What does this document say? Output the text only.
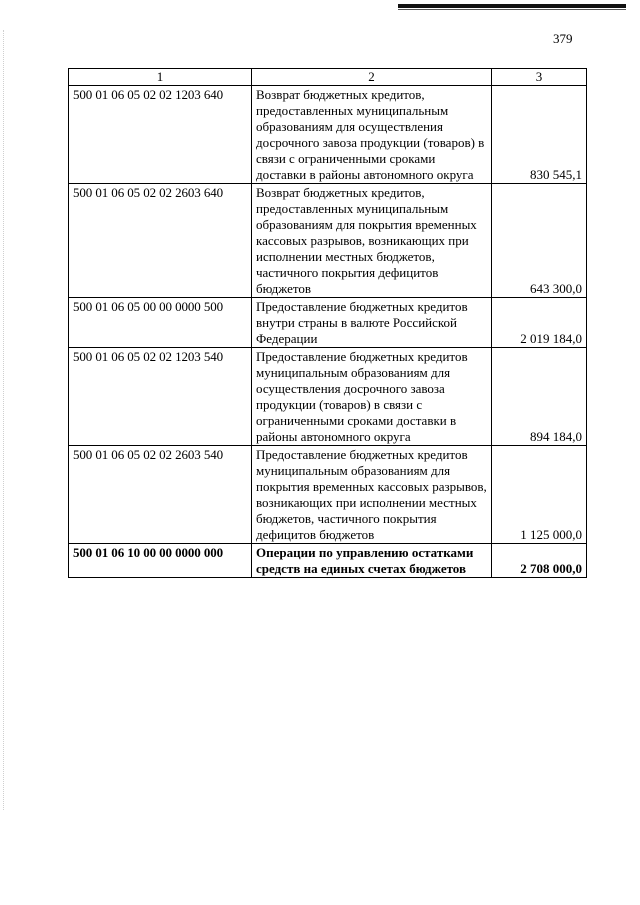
379
1	2	3
500 01 06 05 02 02 1203 640	Возврат бюджетных кредитов, предоставленных муниципальным образованиям для осуществления досрочного завоза продукции (товаров) в связи с ограниченными сроками доставки в районы автономного округа	830 545,1
500 01 06 05 02 02 2603 640	Возврат бюджетных кредитов, предоставленных муниципальным образованиям для покрытия временных кассовых разрывов, возникающих при исполнении местных бюджетов, частичного покрытия дефицитов бюджетов	643 300,0
500 01 06 05 00 00 0000 500	Предоставление бюджетных кредитов внутри страны в валюте Российской Федерации	2 019 184,0
500 01 06 05 02 02 1203 540	Предоставление бюджетных кредитов муниципальным образованиям для осуществления досрочного завоза продукции (товаров) в связи с ограниченными сроками доставки в районы автономного округа	894 184,0
500 01 06 05 02 02 2603 540	Предоставление бюджетных кредитов муниципальным образованиям для покрытия временных кассовых разрывов, возникающих при исполнении местных бюджетов, частичного покрытия дефицитов бюджетов	1 125 000,0
500 01 06 10 00 00 0000 000	Операции по управлению остатками средств на единых счетах бюджетов	2 708 000,0
